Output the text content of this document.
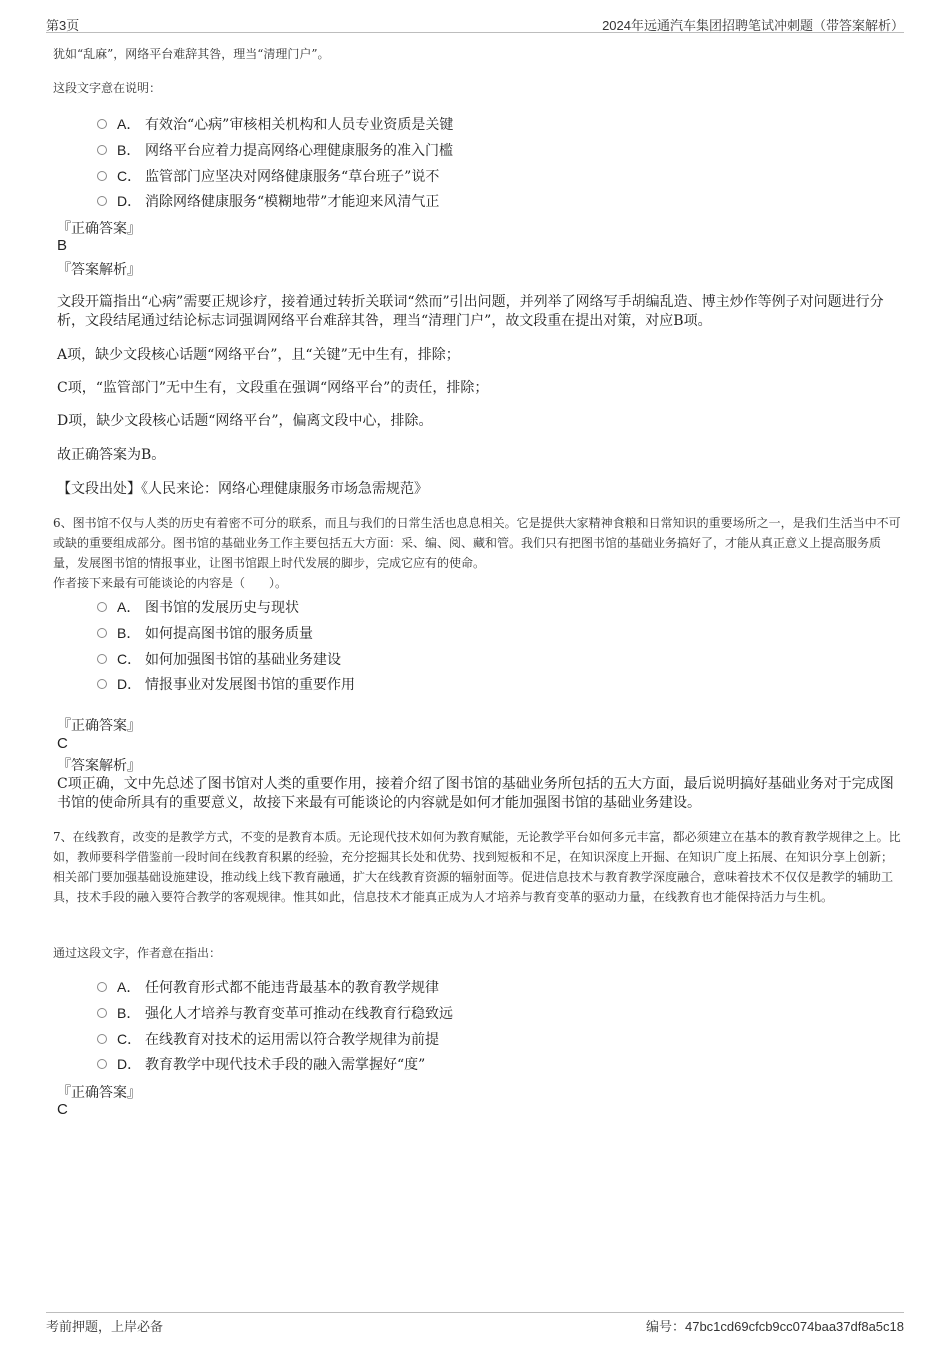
第3页	2024年远通汽车集团招聘笔试冲刺题（带答案解析）
犹如“乱麻”，网络平台难辞其咎，理当“清理门户”。
这段文字意在说明：
A． 有效治“心病”审核相关机构和人员专业资质是关键
B． 网络平台应着力提高网络心理健康服务的准入门槛
C． 监管部门应坚决对网络健康服务“草台班子”说不
D． 消除网络健康服务“模糊地带”才能迎来风清气正
『正确答案』
B
『答案解析』
文段开篇指出“心病”需要正规诊疗，接着通过转折关联词“然而”引出问题，并列举了网络写手胡编乱造、博主炒作等例子对问题进行分析，文段结尾通过结论标志词强调网络平台难辞其咎，理当“清理门户”，故文段重在提出对策，对应B项。
A项，缺少文段核心话题“网络平台”，且“关键”无中生有，排除；
C项，“监管部门”无中生有，文段重在强调“网络平台”的责任，排除；
D项，缺少文段核心话题“网络平台”，偏离文段中心，排除。
故正确答案为B。
【文段出处】《人民来论：网络心理健康服务市场急需规范》
6、图书馆不仅与人类的历史有着密不可分的联系，而且与我们的日常生活也息息相关。它是提供大家精神食粮和日常知识的重要场所之一，是我们生活当中不可或缺的重要组成部分。图书馆的基础业务工作主要包括五大方面：采、编、阅、藏和管。我们只有把图书馆的基础业务搞好了，才能从真正意义上提高服务质量，发展图书馆的情报事业，让图书馆跟上时代发展的脚步，完成它应有的使命。
作者接下来最有可能谈论的内容是（　　）。
A． 图书馆的发展历史与现状
B． 如何提高图书馆的服务质量
C． 如何加强图书馆的基础业务建设
D． 情报事业对发展图书馆的重要作用
『正确答案』
C
『答案解析』
C项正确，文中先总述了图书馆对人类的重要作用，接着介绍了图书馆的基础业务所包括的五大方面，最后说明搞好基础业务对于完成图书馆的使命所具有的重要意义，故接下来最有可能谈论的内容就是如何才能加强图书馆的基础业务建设。
7、在线教育，改变的是教学方式，不变的是教育本质。无论现代技术如何为教育赋能，无论教学平台如何多元丰富，都必须建立在基本的教育教学规律之上。比如，教师要科学借鉴前一段时间在线教育积累的经验，充分挖掘其长处和优势、找到短板和不足，在知识深度上开掘、在知识广度上拓展、在知识分享上创新；相关部门要加强基础设施建设，推动线上线下教育融通，扩大在线教育资源的辐射面等。促进信息技术与教育教学深度融合，意味着技术不仅仅是教学的辅助工具，技术手段的融入要符合教学的客观规律。惟其如此，信息技术才能真正成为人才培养与教育变革的驱动力量，在线教育也才能保持活力与生机。
通过这段文字，作者意在指出：
A． 任何教育形式都不能违背最基本的教育教学规律
B． 强化人才培养与教育变革可推动在线教育行稳致远
C． 在线教育对技术的运用需以符合教学规律为前提
D． 教育教学中现代技术手段的融入需掌握好“度”
『正确答案』
C
考前押题，上岸必备	编号：47bc1cd69cfcb9cc074baa37df8a5c18
